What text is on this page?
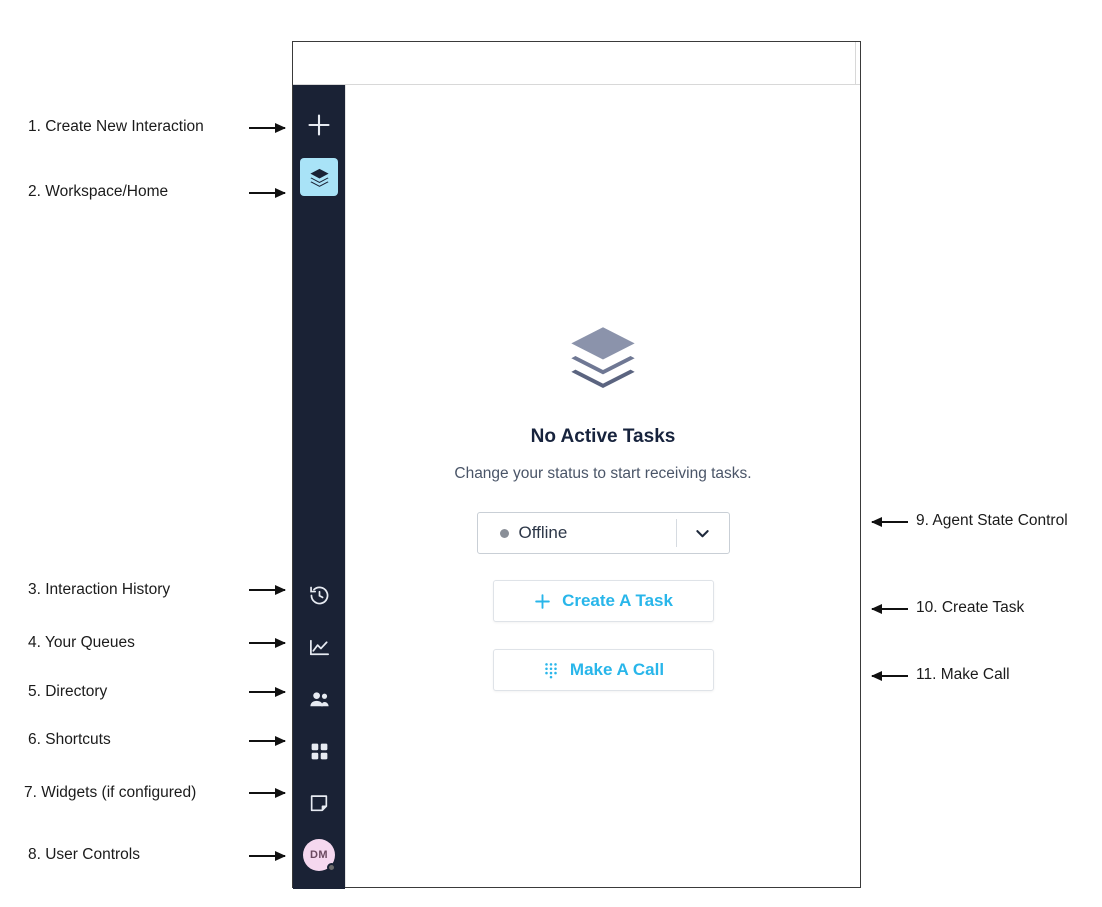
1. Create New Interaction
2. Workspace/Home
3. Interaction History
4. Your Queues
5. Directory
6. Shortcuts
7. Widgets (if configured)
8. User Controls
9. Agent State Control
10. Create Task
11. Make Call
DM
No Active Tasks
Change your status to start receiving tasks.
Offline
Create A Task
Make A Call
